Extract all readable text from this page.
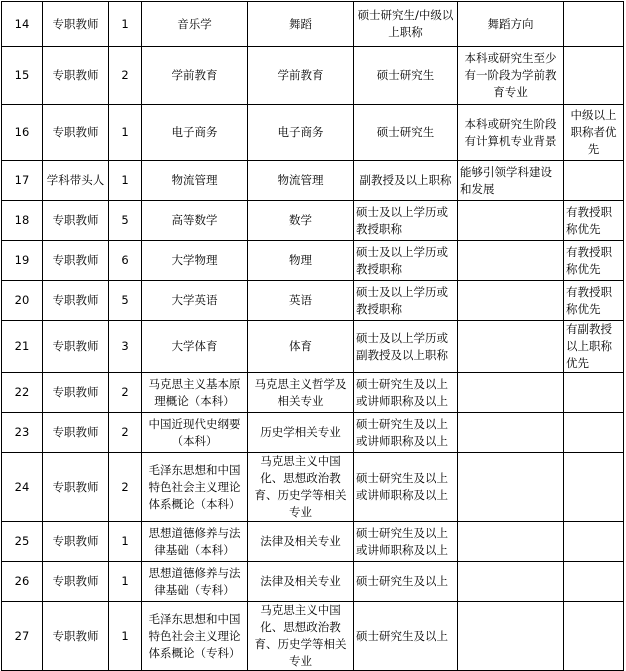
14	专职教师	1	音乐学	舞蹈	硕士研究生/中级以上职称	舞蹈方向	
15	专职教师	2	学前教育	学前教育	硕士研究生	本科或研究生至少有一阶段为学前教育专业	
16	专职教师	1	电子商务	电子商务	硕士研究生	本科或研究生阶段有计算机专业背景	中级以上职称者优先
17	学科带头人	1	物流管理	物流管理	副教授及以上职称	能够引领学科建设和发展	
18	专职教师	5	高等数学	数学	硕士及以上学历或教授职称		有教授职称优先
19	专职教师	6	大学物理	物理	硕士及以上学历或教授职称		有教授职称优先
20	专职教师	5	大学英语	英语	硕士及以上学历或教授职称		有教授职称优先
21	专职教师	3	大学体育	体育	硕士及以上学历或副教授及以上职称		有副教授以上职称优先
22	专职教师	2	马克思主义基本原理概论（本科）	马克思主义哲学及相关专业	硕士研究生及以上或讲师职称及以上		
23	专职教师	2	中国近现代史纲要（本科）	历史学相关专业	硕士研究生及以上或讲师职称及以上		
24	专职教师	2	毛泽东思想和中国特色社会主义理论体系概论（本科）	马克思主义中国化、思想政治教育、历史学等相关专业	硕士研究生及以上或讲师职称及以上		
25	专职教师	1	思想道德修养与法律基础（本科）	法律及相关专业	硕士研究生及以上或讲师职称及以上		
26	专职教师	1	思想道德修养与法律基础（专科）	法律及相关专业	硕士研究生及以上		
27	专职教师	1	毛泽东思想和中国特色社会主义理论体系概论（专科）	马克思主义中国化、思想政治教育、历史学等相关专业	硕士研究生及以上		
